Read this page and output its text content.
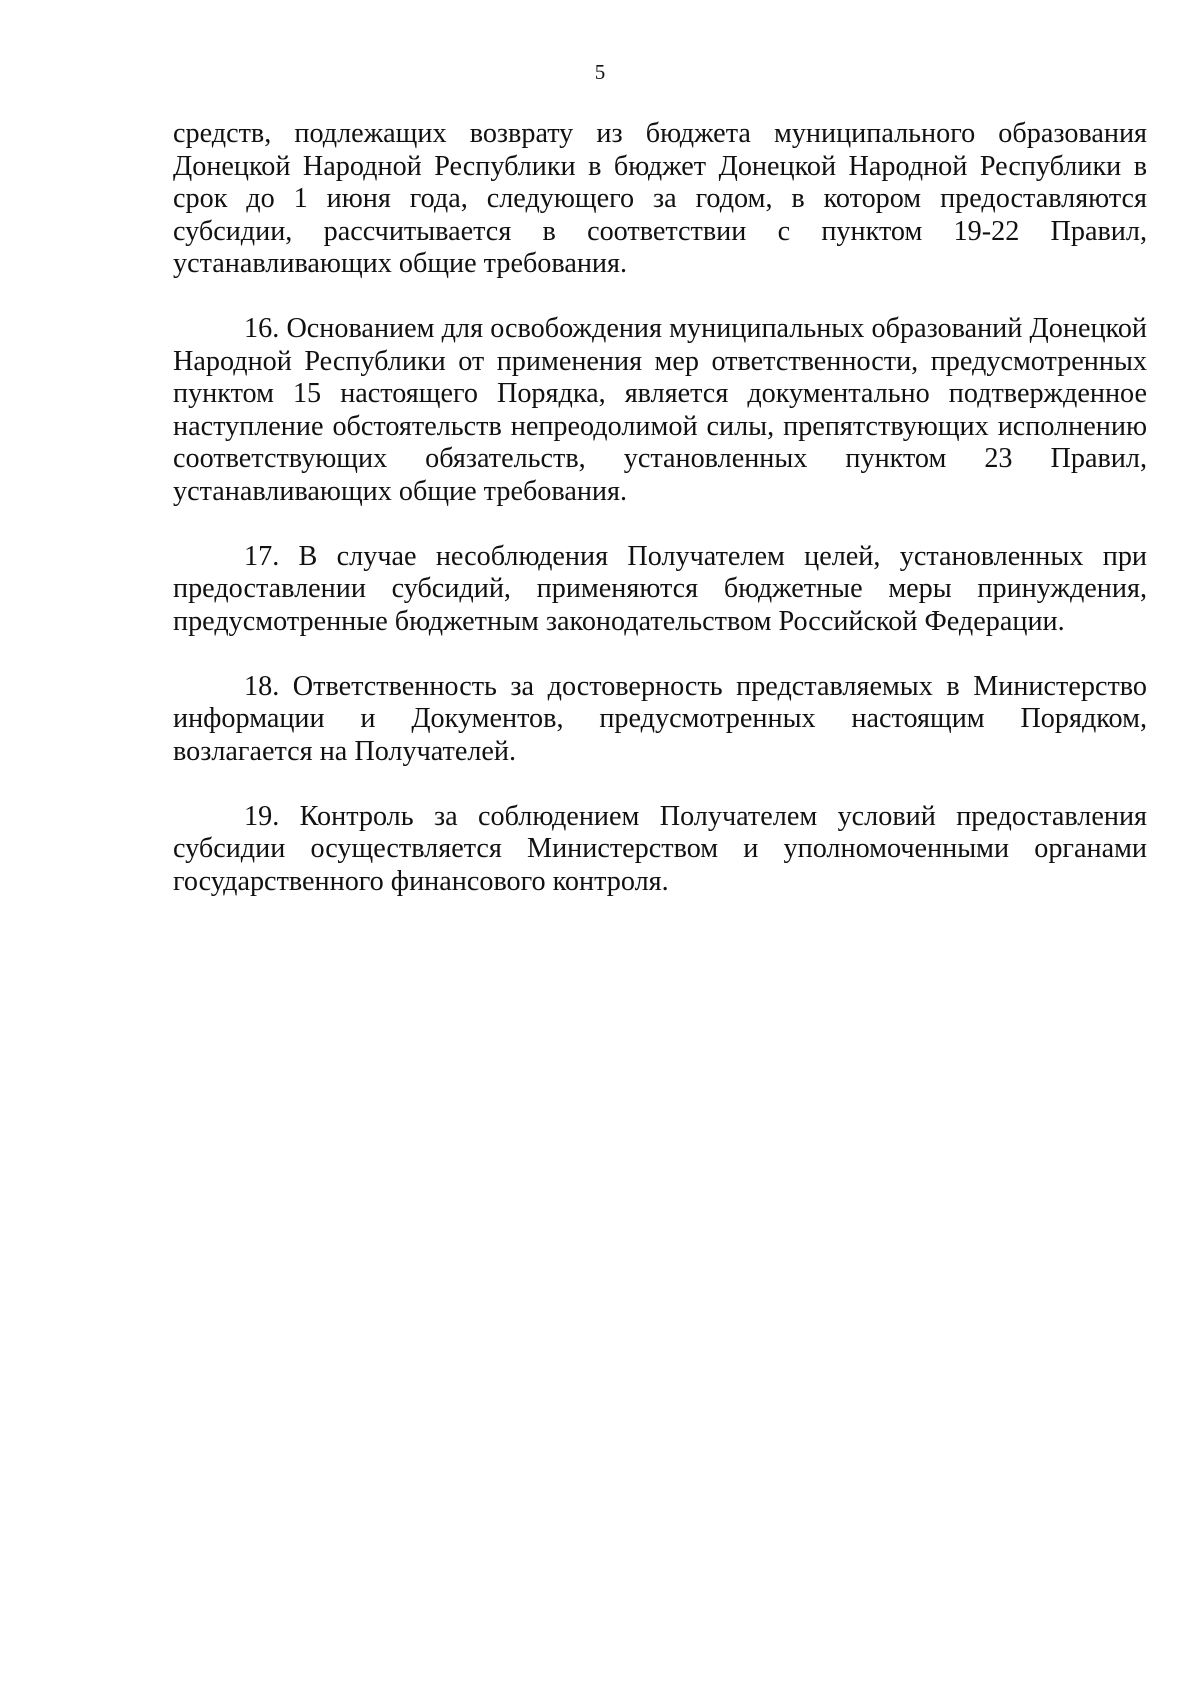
5

средств, подлежащих возврату из бюджета муниципального образования Донецкой Народной Республики в бюджет Донецкой Народной Республики в срок до 1 июня года, следующего за годом, в котором предоставляются субсидии, рассчитывается в соответствии с пунктом 19-22 Правил, устанавливающих общие требования.

16. Основанием для освобождения муниципальных образований Донецкой Народной Республики от применения мер ответственности, предусмотренных пунктом 15 настоящего Порядка, является документально подтвержденное наступление обстоятельств непреодолимой силы, препятствующих исполнению соответствующих обязательств, установленных пунктом 23 Правил, устанавливающих общие требования.

17. В случае несоблюдения Получателем целей, установленных при предоставлении субсидий, применяются бюджетные меры принуждения, предусмотренные бюджетным законодательством Российской Федерации.

18. Ответственность за достоверность представляемых в Министерство информации и Документов, предусмотренных настоящим Порядком, возлагается на Получателей.

19. Контроль за соблюдением Получателем условий предоставления субсидии осуществляется Министерством и уполномоченными органами государственного финансового контроля.
